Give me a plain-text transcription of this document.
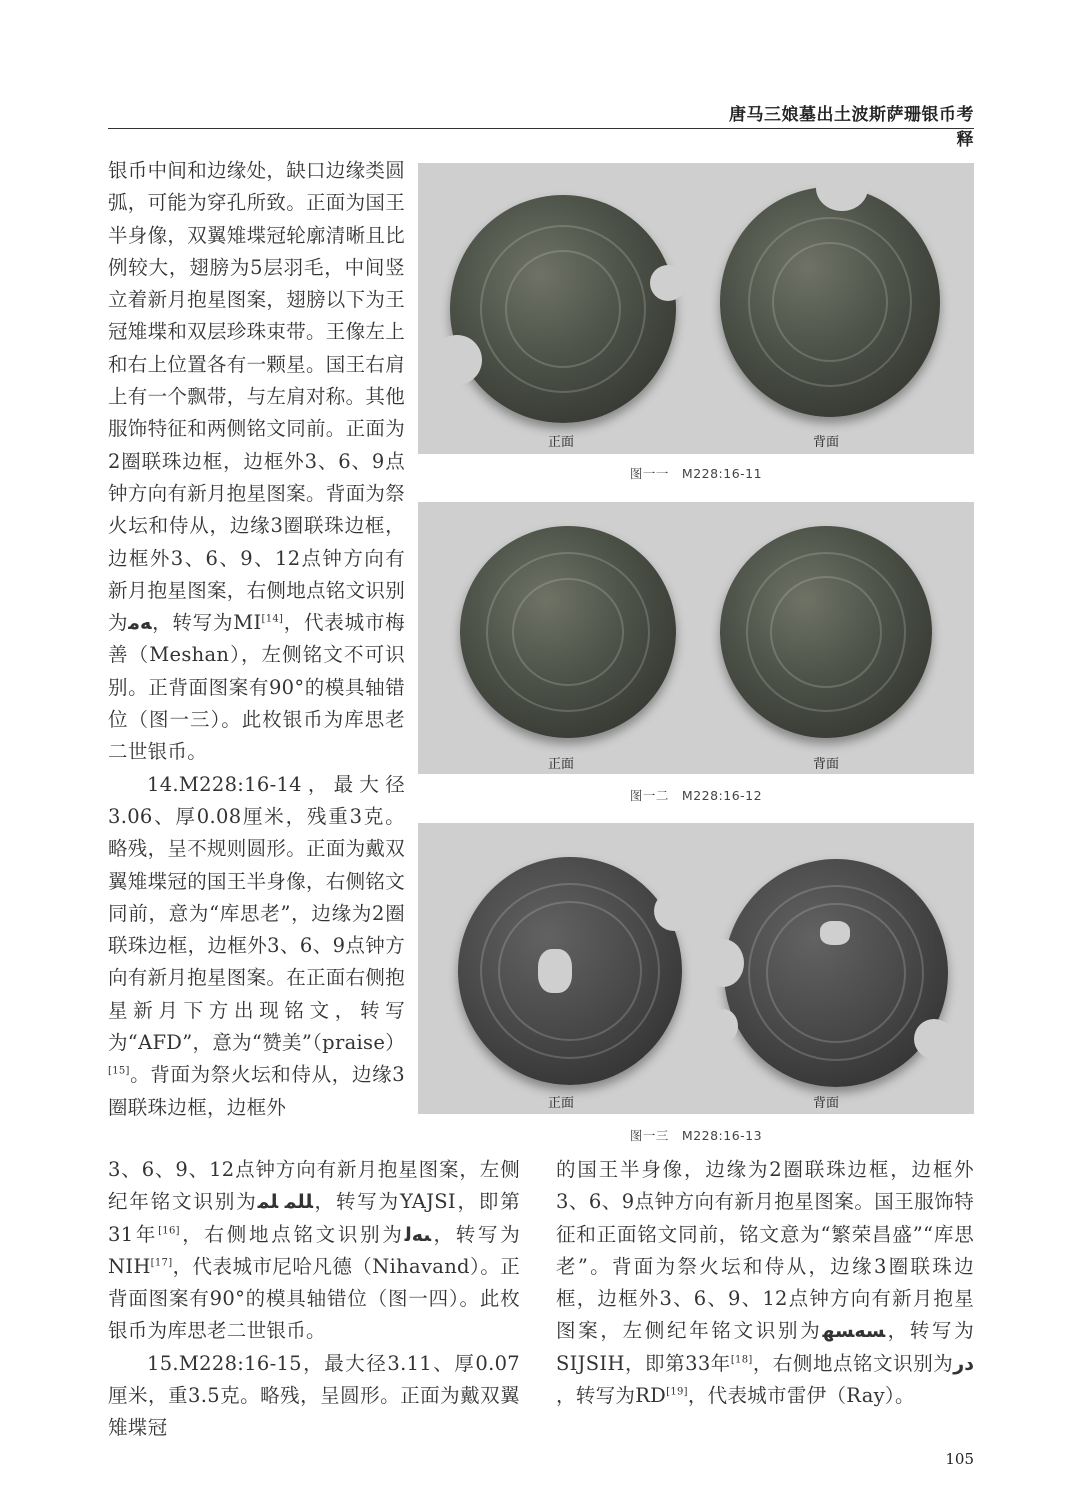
唐马三娘墓出土波斯萨珊银币考释
银币中间和边缘处，缺口边缘类圆弧，可能为穿孔所致。正面为国王半身像，双翼雉堞冠轮廓清晰且比例较大，翅膀为5层羽毛，中间竖立着新月抱星图案，翅膀以下为王冠雉堞和双层珍珠束带。王像左上和右上位置各有一颗星。国王右肩上有一个飘带，与左肩对称。其他服饰特征和两侧铭文同前。正面为2圈联珠边框，边框外3、6、9点钟方向有新月抱星图案。背面为祭火坛和侍从，边缘3圈联珠边框，边框外3、6、9、12点钟方向有新月抱星图案，右侧地点铭文识别为ﻪﻣ，转写为MI[14]，代表城市梅善（Meshan），左侧铭文不可识别。正背面图案有90°的模具轴错位（图一三）。此枚银币为库思老二世银币。
14.M228:16-14，最大径3.06、厚0.08厘米，残重3克。略残，呈不规则圆形。正面为戴双翼雉堞冠的国王半身像，右侧铭文同前，意为“库思老”，边缘为2圈联珠边框，边框外3、6、9点钟方向有新月抱星图案。在正面右侧抱星新月下方出现铭文，转写为“AFD”，意为“赞美”（praise）[15]。背面为祭火坛和侍从，边缘3圈联珠边框，边框外
正面	背面
图一一　M228:16-11
正面	背面
图一二　M228:16-12
正面	背面
图一三　M228:16-13
3、6、9、12点钟方向有新月抱星图案，左侧纪年铭文识别为ﻠﻠﻤ ﻠﻤ，转写为YAJSI，即第31年[16]，右侧地点铭文识别为ﯩﻪﻟ，转写为NIH[17]，代表城市尼哈凡德（Nihavand）。正背面图案有90°的模具轴错位（图一四）。此枚银币为库思老二世银币。
15.M228:16-15，最大径3.11、厚0.07厘米，重3.5克。略残，呈圆形。正面为戴双翼雉堞冠
的国王半身像，边缘为2圈联珠边框，边框外3、6、9点钟方向有新月抱星图案。国王服饰特征和正面铭文同前，铭文意为“繁荣昌盛”“库思老”。背面为祭火坛和侍从，边缘3圈联珠边框，边框外3、6、9、12点钟方向有新月抱星图案，左侧纪年铭文识别为ﺴﻪﺴﻬ，转写为SIJSIH，即第33年[18]，右侧地点铭文识别为ﺩﺭ，转写为RD[19]，代表城市雷伊（Ray）。
105
